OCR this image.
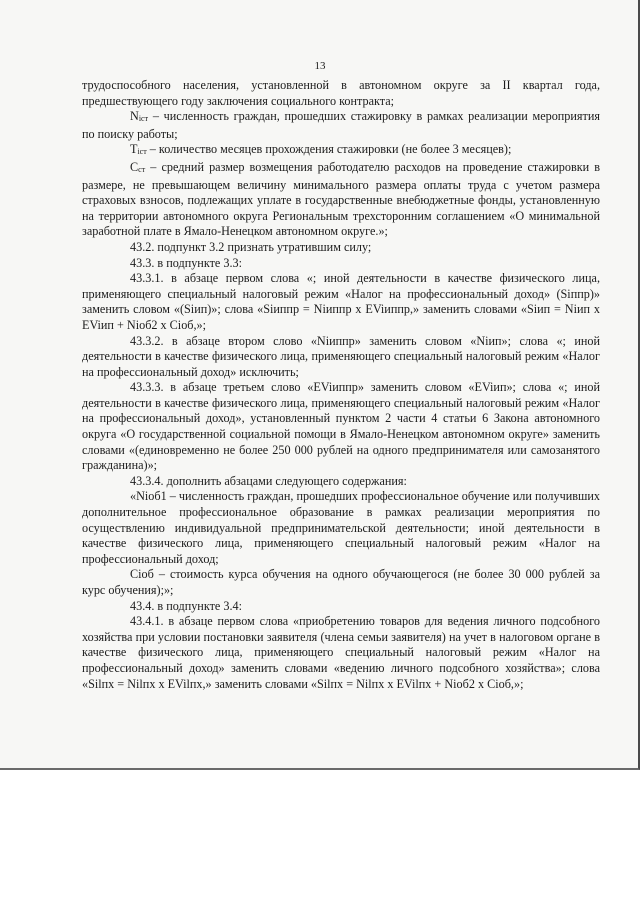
13

трудоспособного населения, установленной в автономном округе за II квартал года, предшествующего году заключения социального контракта;

Niст – численность граждан, прошедших стажировку в рамках реализации мероприятия по поиску работы;

Tiст – количество месяцев прохождения стажировки (не более 3 месяцев);

Cст – средний размер возмещения работодателю расходов на проведение стажировки в размере, не превышающем величину минимального размера оплаты труда с учетом размера страховых взносов, подлежащих уплате в государственные внебюджетные фонды, установленную на территории автономного округа Региональным трехсторонним соглашением «О минимальной заработной плате в Ямало-Ненецком автономном округе.»;

43.2. подпункт 3.2 признать утратившим силу;

43.3. в подпункте 3.3:

43.3.1. в абзаце первом слова «; иной деятельности в качестве физического лица, применяющего специальный налоговый режим «Налог на профессиональный доход» (Siппр)» заменить словом «(Siип)»; слова «Siиппр = Niиппр х EViиппр,» заменить словами «Siип = Niип х EViип + Niоб2 х Ciоб,»;

43.3.2. в абзаце втором слово «Niиппр» заменить словом «Niип»; слова «; иной деятельности в качестве физического лица, применяющего специальный налоговый режим «Налог на профессиональный доход» исключить;

43.3.3. в абзаце третьем слово «EViиппр» заменить словом «EViип»; слова «; иной деятельности в качестве физического лица, применяющего специальный налоговый режим «Налог на профессиональный доход», установленный пунктом 2 части 4 статьи 6 Закона автономного округа «О государственной социальной помощи в Ямало-Ненецком автономном округе» заменить словами «(единовременно не более 250 000 рублей на одного предпринимателя или самозанятого гражданина)»;

43.3.4. дополнить абзацами следующего содержания:

«Niоб1 – численность граждан, прошедших профессиональное обучение или получивших дополнительное профессиональное образование в рамках реализации мероприятия по осуществлению индивидуальной предпринимательской деятельности; иной деятельности в качестве физического лица, применяющего специальный налоговый режим «Налог на профессиональный доход;

Ciоб – стоимость курса обучения на одного обучающегося (не более 30 000 рублей за курс обучения);»;

43.4. в подпункте 3.4:

43.4.1. в абзаце первом слова «приобретению товаров для ведения личного подсобного хозяйства при условии постановки заявителя (члена семьи заявителя) на учет в налоговом органе в качестве физического лица, применяющего специальный налоговый режим «Налог на профессиональный доход» заменить словами «ведению личного подсобного хозяйства»; слова «Silпх = Nilпх х EVilпх,» заменить словами «Silпх = Nilпх х EVilпх + Niоб2 х Ciоб,»;
